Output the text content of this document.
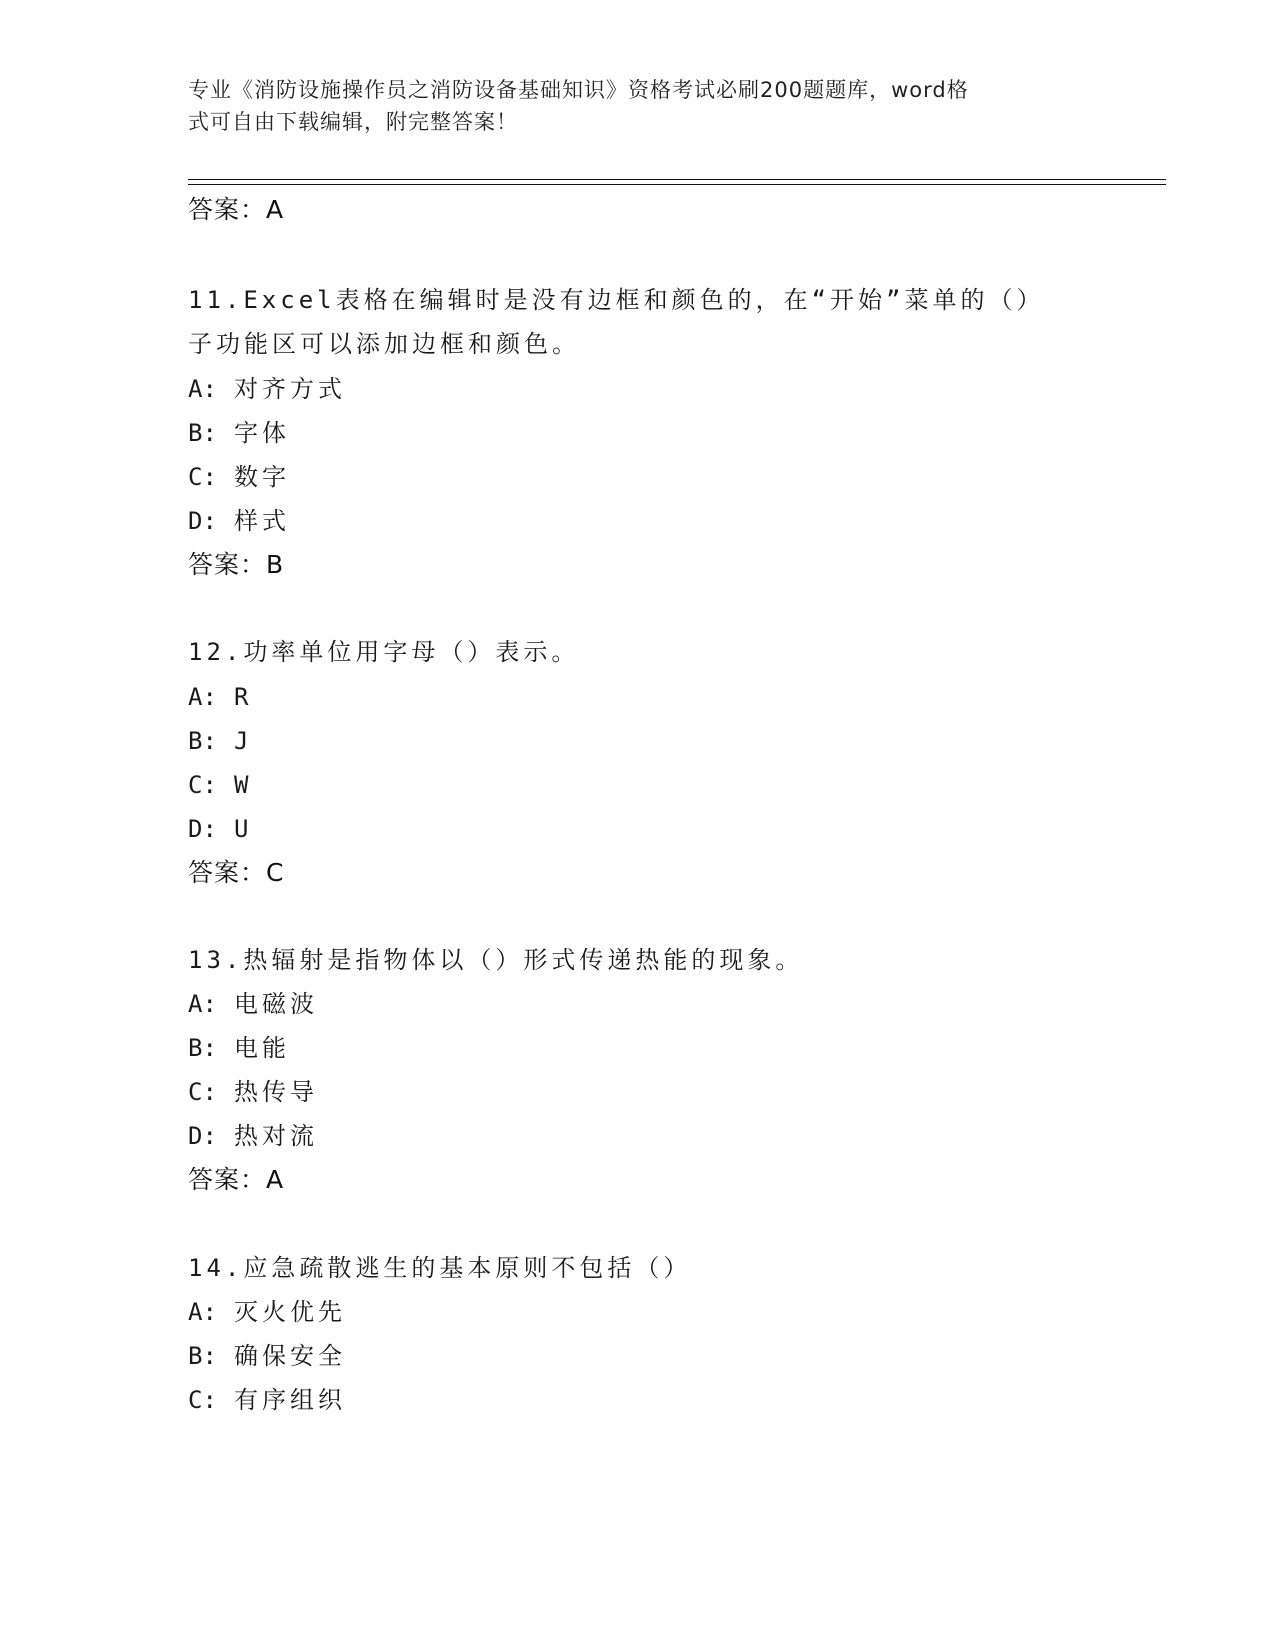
专业《消防设施操作员之消防设备基础知识》资格考试必刷200题题库，word格
式可自由下载编辑，附完整答案！
答案：A
11.Excel表格在编辑时是没有边框和颜色的，在“开始”菜单的（）
子功能区可以添加边框和颜色。
A: 对齐方式
B: 字体
C: 数字
D: 样式
答案：B
12.功率单位用字母（）表示。
A: R
B: J
C: W
D: U
答案：C
13.热辐射是指物体以（）形式传递热能的现象。
A: 电磁波
B: 电能
C: 热传导
D: 热对流
答案：A
14.应急疏散逃生的基本原则不包括（）
A: 灭火优先
B: 确保安全
C: 有序组织
